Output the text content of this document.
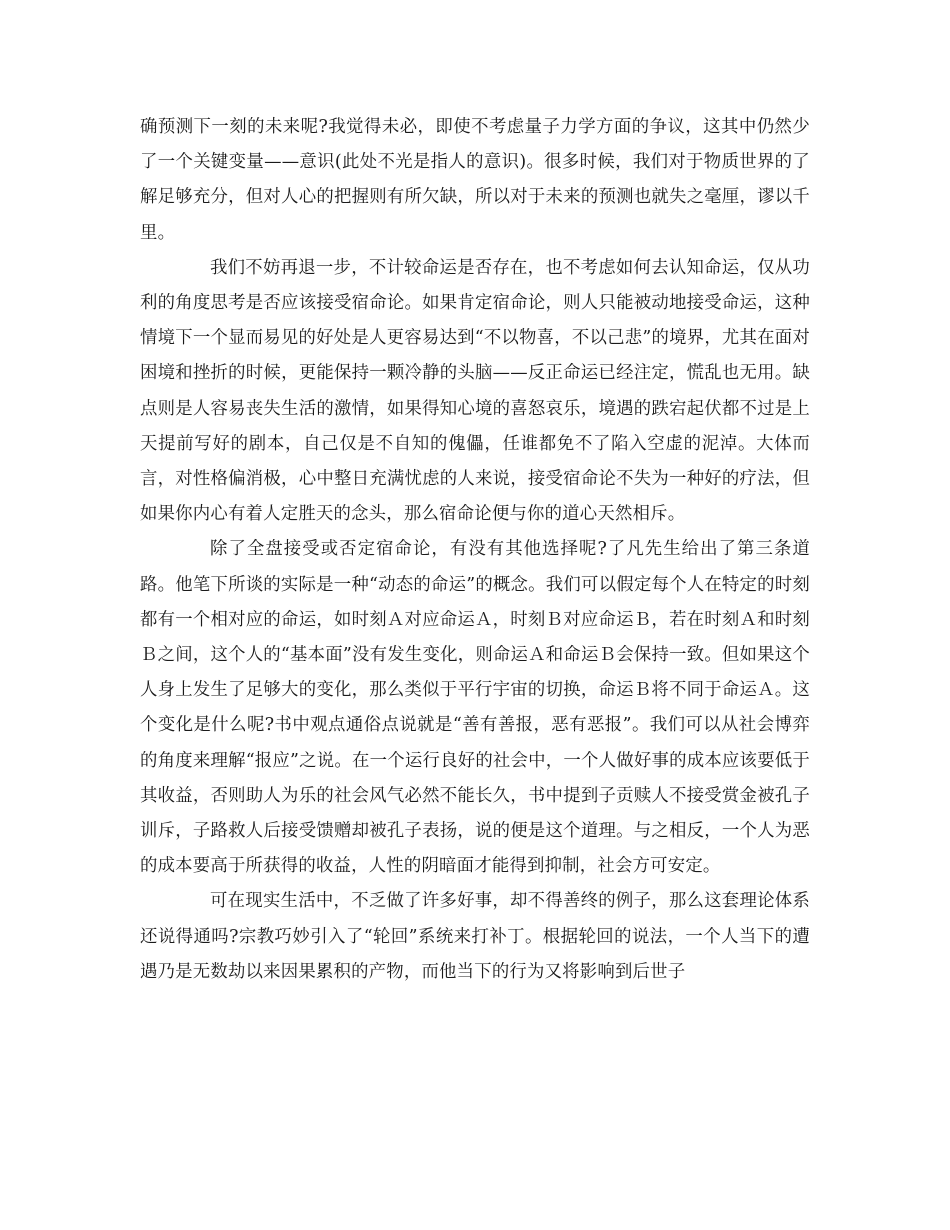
确预测下一刻的未来呢?我觉得未必，即使不考虑量子力学方面的争议，这其中仍然少了一个关键变量——意识(此处不光是指人的意识)。很多时候，我们对于物质世界的了解足够充分，但对人心的把握则有所欠缺，所以对于未来的预测也就失之毫厘，谬以千里。

我们不妨再退一步，不计较命运是否存在，也不考虑如何去认知命运，仅从功利的角度思考是否应该接受宿命论。如果肯定宿命论，则人只能被动地接受命运，这种情境下一个显而易见的好处是人更容易达到“不以物喜，不以己悲”的境界，尤其在面对困境和挫折的时候，更能保持一颗冷静的头脑——反正命运已经注定，慌乱也无用。缺点则是人容易丧失生活的激情，如果得知心境的喜怒哀乐，境遇的跌宕起伏都不过是上天提前写好的剧本，自己仅是不自知的傀儡，任谁都免不了陷入空虚的泥淖。大体而言，对性格偏消极，心中整日充满忧虑的人来说，接受宿命论不失为一种好的疗法，但如果你内心有着人定胜天的念头，那么宿命论便与你的道心天然相斥。

除了全盘接受或否定宿命论，有没有其他选择呢?了凡先生给出了第三条道路。他笔下所谈的实际是一种“动态的命运”的概念。我们可以假定每个人在特定的时刻都有一个相对应的命运，如时刻Ａ对应命运Ａ，时刻Ｂ对应命运Ｂ，若在时刻Ａ和时刻Ｂ之间，这个人的“基本面”没有发生变化，则命运Ａ和命运Ｂ会保持一致。但如果这个人身上发生了足够大的变化，那么类似于平行宇宙的切换，命运Ｂ将不同于命运Ａ。这个变化是什么呢?书中观点通俗点说就是“善有善报，恶有恶报”。我们可以从社会博弈的角度来理解“报应”之说。在一个运行良好的社会中，一个人做好事的成本应该要低于其收益，否则助人为乐的社会风气必然不能长久，书中提到子贡赎人不接受赏金被孔子训斥，子路救人后接受馈赠却被孔子表扬，说的便是这个道理。与之相反，一个人为恶的成本要高于所获得的收益，人性的阴暗面才能得到抑制，社会方可安定。

可在现实生活中，不乏做了许多好事，却不得善终的例子，那么这套理论体系还说得通吗?宗教巧妙引入了“轮回”系统来打补丁。根据轮回的说法，一个人当下的遭遇乃是无数劫以来因果累积的产物，而他当下的行为又将影响到后世子
